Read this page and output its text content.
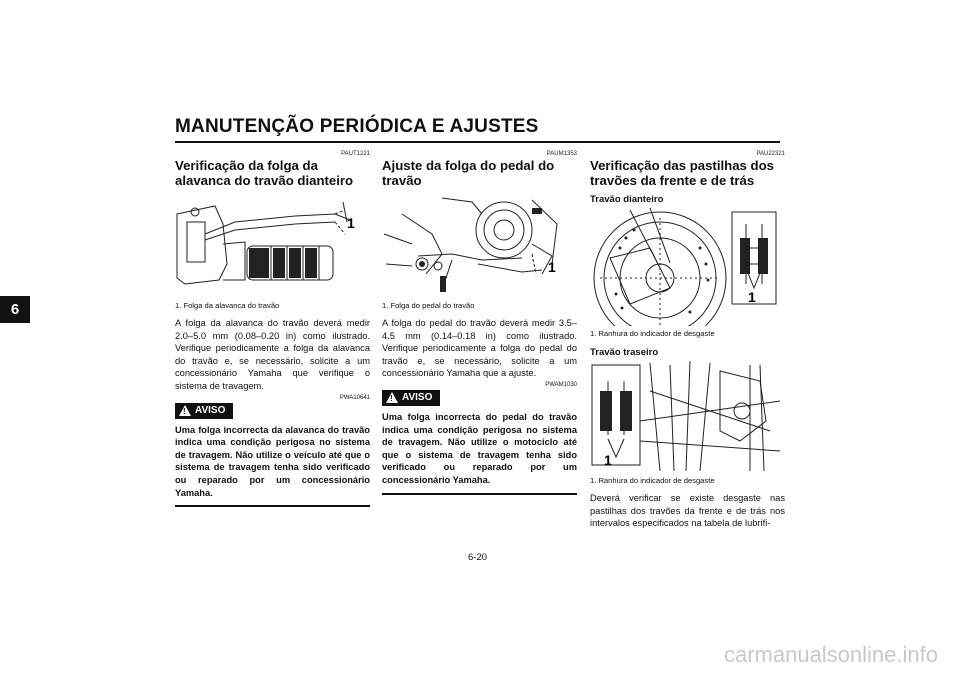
MANUTENÇÃO PERIÓDICA E AJUSTES
6
PAUT1221
Verificação da folga da alavanca do travão dianteiro
1
1. Folga da alavanca do travão
A folga da alavanca do travão deverá medir 2.0–5.0 mm (0.08–0.20 in) como ilustrado. Verifique periodicamente a folga da alavanca do travão e, se necessário, solicite a um concessionário Yamaha que verifique o sistema de travagem.
PWA10641
! AVISO
Uma folga incorrecta da alavanca do travão indica uma condição perigosa no sistema de travagem. Não utilize o veículo até que o sistema de travagem tenha sido verificado ou reparado por um concessionário Yamaha.
PAUM1353
Ajuste da folga do pedal do travão
1
1. Folga do pedal do travão
A folga do pedal do travão deverá medir 3.5–4.5 mm (0.14–0.18 in) como ilustrado. Verifique periodicamente a folga do pedal do travão e, se necessário, solicite a um concessionário Yamaha que a ajuste.
PWAM1030
! AVISO
Uma folga incorrecta do pedal do travão indica uma condição perigosa no sistema de travagem. Não utilize o motociclo até que o sistema de travagem tenha sido verificado ou reparado por um concessionário Yamaha.
PAU22321
Verificação das pastilhas dos travões da frente e de trás
Travão dianteiro
1
1. Ranhura do indicador de desgaste
Travão traseiro
1
1. Ranhura do indicador de desgaste
Deverá verificar se existe desgaste nas pastilhas dos travões da frente e de trás nos intervalos especificados na tabela de lubrifi-
6-20
carmanualsonline.info
